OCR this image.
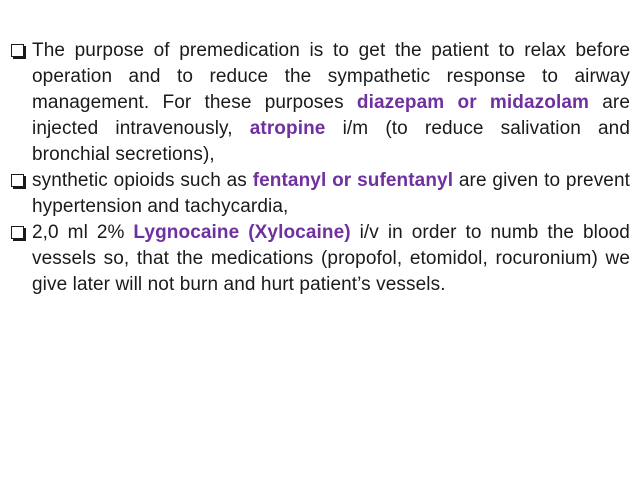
The purpose of premedication is to get the patient to relax before operation and to reduce the sympathetic response to airway management. For these purposes diazepam or midazolam are injected intravenously, atropine i/m (to reduce salivation and bronchial secretions),
synthetic opioids such as fentanyl or sufentanyl are given to prevent hypertension and tachycardia,
2,0 ml 2% Lygnocaine (Xylocaine) i/v in order to numb the blood vessels so, that the medications (propofol, etomidol, rocuronium) we give later will not burn and hurt patient’s vessels.
